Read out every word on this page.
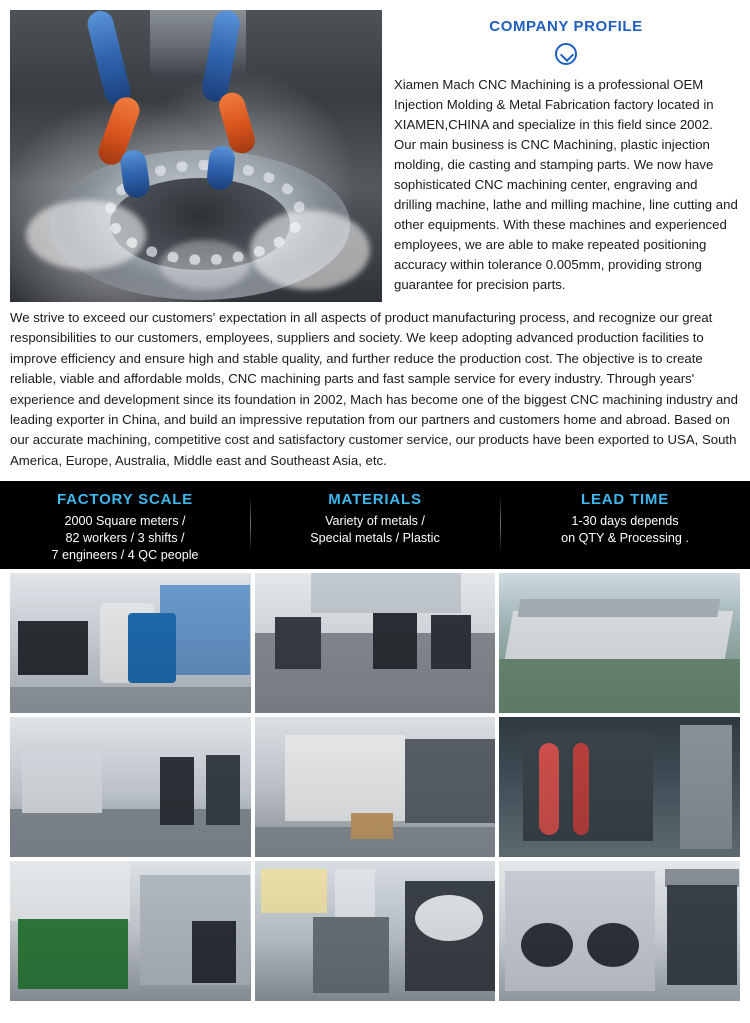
COMPANY PROFILE
Xiamen Mach CNC Machining is a professional OEM Injection Molding & Metal Fabrication factory located in XIAMEN,CHINA and specialize in this field since 2002. Our main business is CNC Machining, plastic injection molding, die casting and stamping parts. We now have sophisticated CNC machining center, engraving and drilling machine, lathe and milling machine, line cutting and other equipments. With these machines and experienced employees, we are able to make repeated positioning accuracy within tolerance 0.005mm, providing strong guarantee for precision parts.
We strive to exceed our customers' expectation in all aspects of product manufacturing process, and recognize our great responsibilities to our customers, employees, suppliers and society. We keep adopting advanced production facilities to improve efficiency and ensure high and stable quality, and further reduce the production cost. The objective is to create reliable, viable and affordable molds, CNC machining parts and fast sample service for every industry. Through years' experience and development since its foundation in 2002, Mach has become one of the biggest CNC machining industry and leading exporter in China, and build an impressive reputation from our partners and customers home and abroad. Based on our accurate machining, competitive cost and satisfactory customer service, our products have been exported to USA, South America, Europe, Australia, Middle east and Southeast Asia, etc.
FACTORY SCALE
2000 Square meters /
82 workers / 3 shifts /
7 engineers / 4 QC people
MATERIALS
Variety of metals /
Special metals / Plastic
LEAD TIME
1-30 days depends
on QTY & Processing .
